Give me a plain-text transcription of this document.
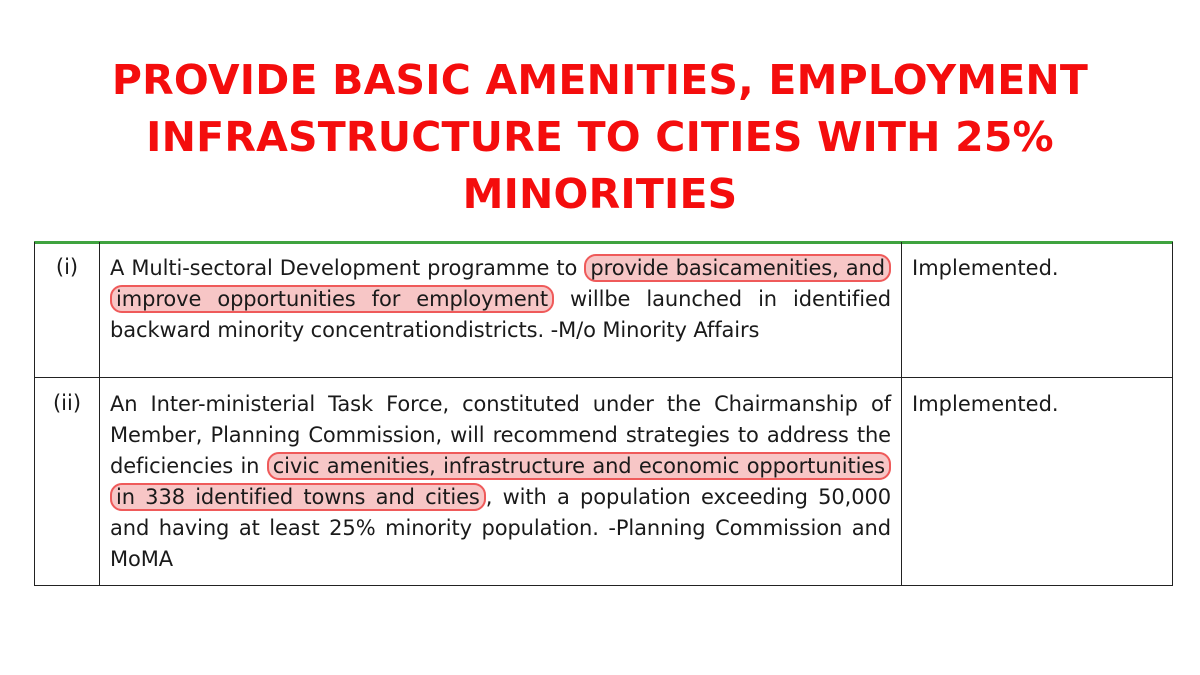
PROVIDE BASIC AMENITIES, EMPLOYMENT
INFRASTRUCTURE TO CITIES WITH 25%
MINORITIES
(i)	A Multi-sectoral Development programme to provide basicamenities, and improve opportunities for employment willbe launched in identified backward minority concentrationdistricts. -M/o Minority Affairs	Implemented.
(ii)	An Inter-ministerial Task Force, constituted under the Chairmanship of Member, Planning Commission, will recommend strategies to address the deficiencies in civic amenities, infrastructure and economic opportunities in 338 identified towns and cities , with a population exceeding 50,000 and having at least 25% minority population. -Planning Commission and MoMA	Implemented.
